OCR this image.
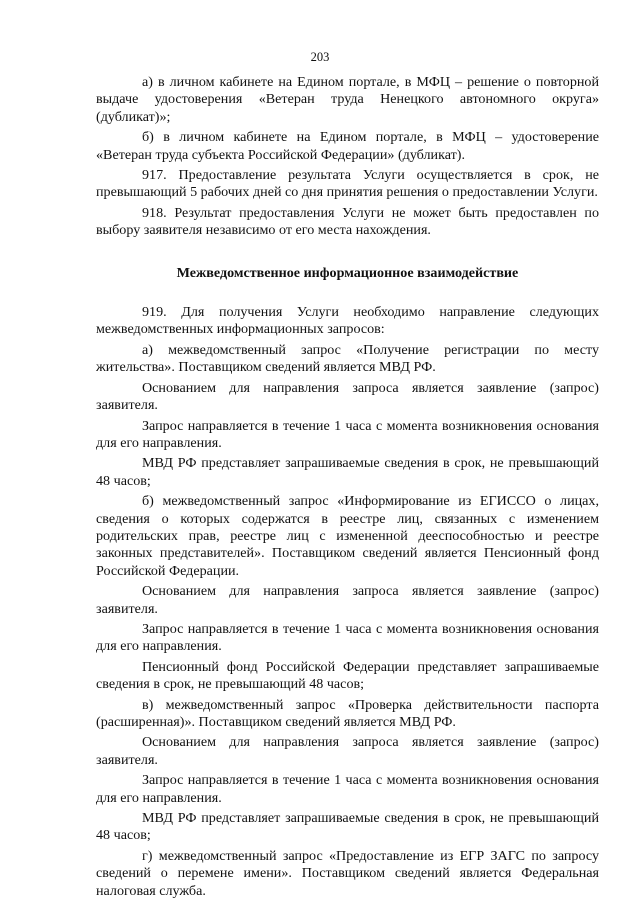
203

а) в личном кабинете на Едином портале, в МФЦ – решение о повторной выдаче удостоверения «Ветеран труда Ненецкого автономного округа» (дубликат)»;

б) в личном кабинете на Едином портале, в МФЦ – удостоверение «Ветеран труда субъекта Российской Федерации» (дубликат).

917. Предоставление результата Услуги осуществляется в срок, не превышающий 5 рабочих дней со дня принятия решения о предоставлении Услуги.

918. Результат предоставления Услуги не может быть предоставлен по выбору заявителя независимо от его места нахождения.

Межведомственное информационное взаимодействие

919. Для получения Услуги необходимо направление следующих межведомственных информационных запросов:

а) межведомственный запрос «Получение регистрации по месту жительства». Поставщиком сведений является МВД РФ.

Основанием для направления запроса является заявление (запрос) заявителя.

Запрос направляется в течение 1 часа с момента возникновения основания для его направления.

МВД РФ представляет запрашиваемые сведения в срок, не превышающий 48 часов;

б) межведомственный запрос «Информирование из ЕГИССО о лицах, сведения о которых содержатся в реестре лиц, связанных с изменением родительских прав, реестре лиц с измененной дееспособностью и реестре законных представителей». Поставщиком сведений является Пенсионный фонд Российской Федерации.

Основанием для направления запроса является заявление (запрос) заявителя.

Запрос направляется в течение 1 часа с момента возникновения основания для его направления.

Пенсионный фонд Российской Федерации представляет запрашиваемые сведения в срок, не превышающий 48 часов;

в) межведомственный запрос «Проверка действительности паспорта (расширенная)». Поставщиком сведений является МВД РФ.

Основанием для направления запроса является заявление (запрос) заявителя.

Запрос направляется в течение 1 часа с момента возникновения основания для его направления.

МВД РФ представляет запрашиваемые сведения в срок, не превышающий 48 часов;

г) межведомственный запрос «Предоставление из ЕГР ЗАГС по запросу сведений о перемене имени». Поставщиком сведений является Федеральная налоговая служба.
